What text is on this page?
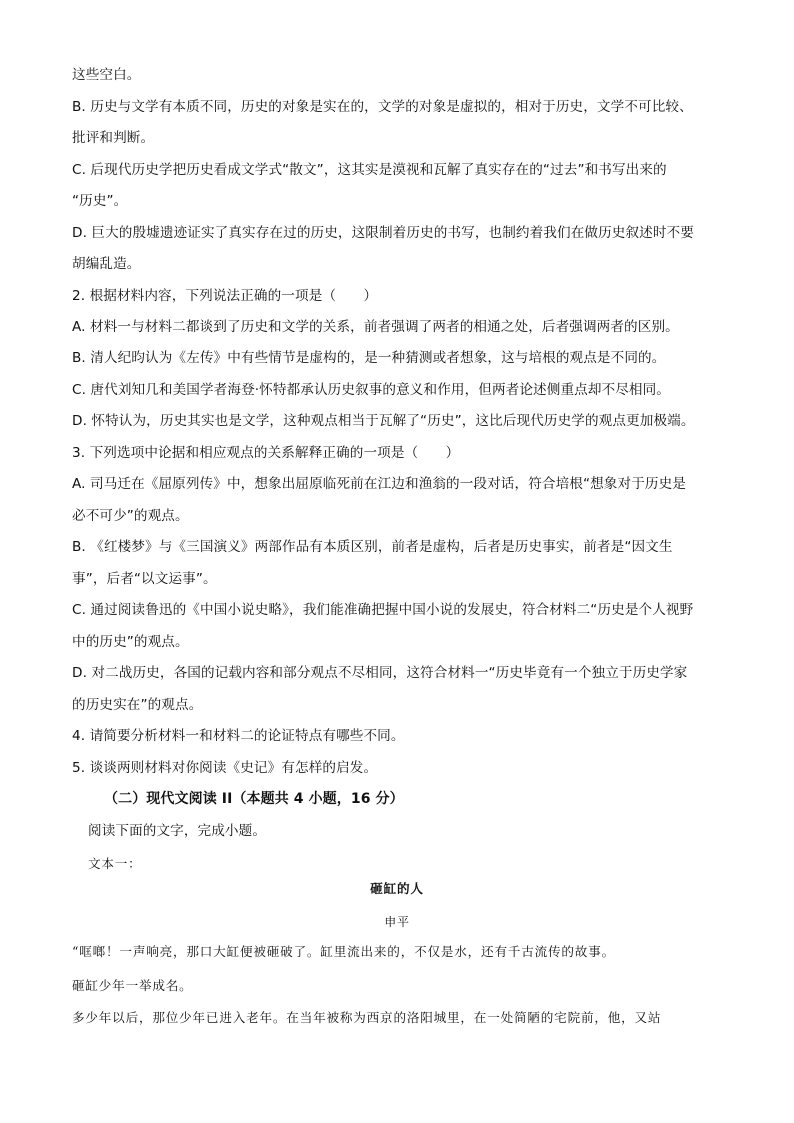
这些空白。
B. 历史与文学有本质不同，历史的对象是实在的，文学的对象是虚拟的，相对于历史，文学不可比较、
批评和判断。
C. 后现代历史学把历史看成文学式“散文”，这其实是漠视和瓦解了真实存在的“过去”和书写出来的
“历史”。
D. 巨大的殷墟遗迹证实了真实存在过的历史，这限制着历史的书写，也制约着我们在做历史叙述时不要
胡编乱造。
2. 根据材料内容，下列说法正确的一项是（　　）
A. 材料一与材料二都谈到了历史和文学的关系，前者强调了两者的相通之处，后者强调两者的区别。
B. 清人纪昀认为《左传》中有些情节是虚构的，是一种猜测或者想象，这与培根的观点是不同的。
C. 唐代刘知几和美国学者海登·怀特都承认历史叙事的意义和作用，但两者论述侧重点却不尽相同。
D. 怀特认为，历史其实也是文学，这种观点相当于瓦解了“历史”，这比后现代历史学的观点更加极端。
3. 下列选项中论据和相应观点的关系解释正确的一项是（　　）
A. 司马迁在《屈原列传》中，想象出屈原临死前在江边和渔翁的一段对话，符合培根“想象对于历史是
必不可少”的观点。
B. 《红楼梦》与《三国演义》两部作品有本质区别，前者是虚构，后者是历史事实，前者是“因文生
事”，后者“以文运事”。
C. 通过阅读鲁迅的《中国小说史略》，我们能准确把握中国小说的发展史，符合材料二“历史是个人视野
中的历史”的观点。
D. 对二战历史，各国的记载内容和部分观点不尽相同，这符合材料一“历史毕竟有一个独立于历史学家
的历史实在”的观点。
4. 请简要分析材料一和材料二的论证特点有哪些不同。
5. 谈谈两则材料对你阅读《史记》有怎样的启发。
（二）现代文阅读 II（本题共 4 小题，16 分）
阅读下面的文字，完成小题。
文本一：
砸缸的人
申平
“哐啷！一声响亮，那口大缸便被砸破了。缸里流出来的，不仅是水，还有千古流传的故事。
砸缸少年一举成名。
多少年以后，那位少年已进入老年。在当年被称为西京的洛阳城里，在一处简陋的宅院前，他，又站
